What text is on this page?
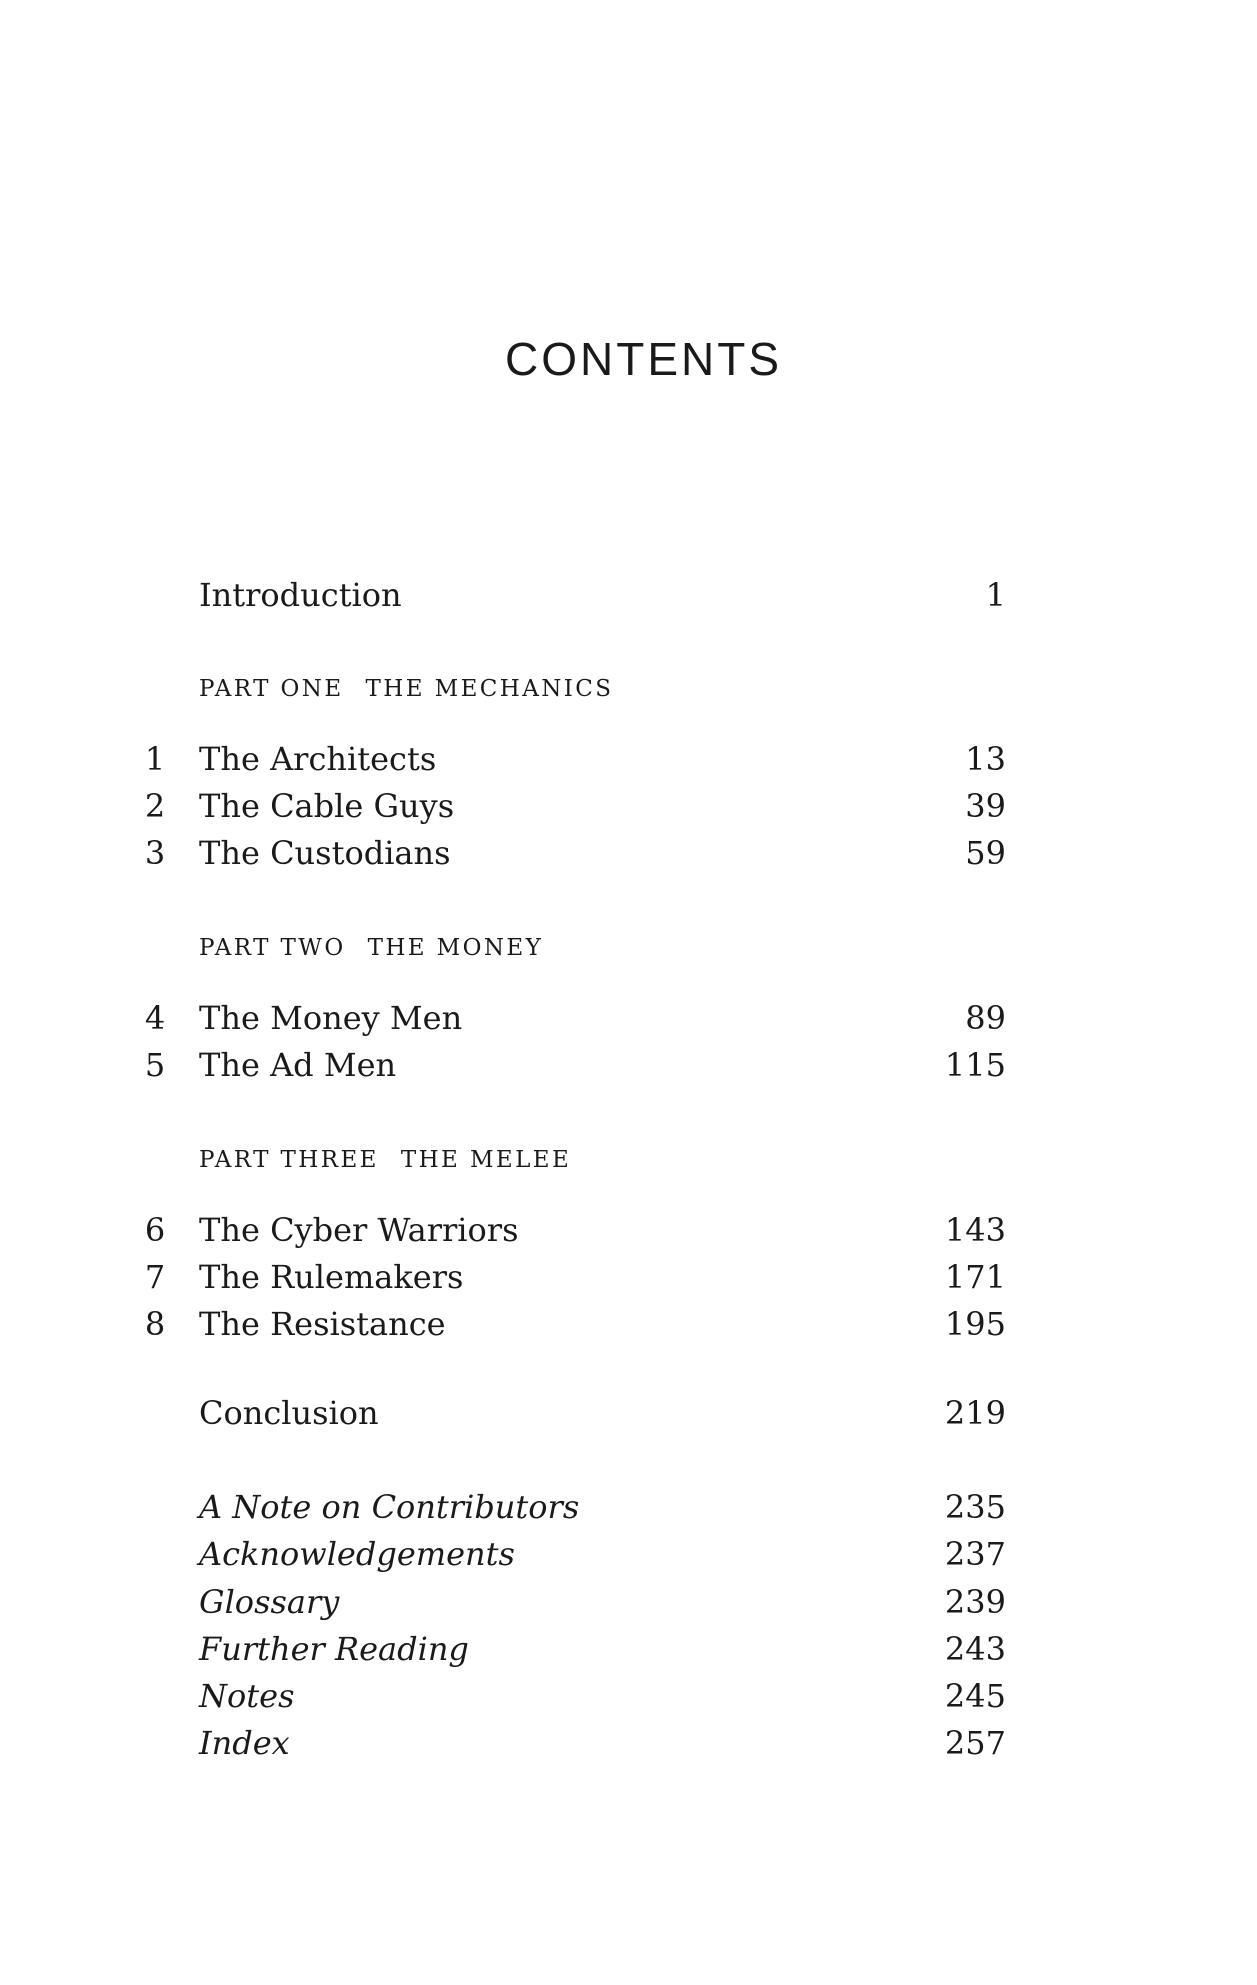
CONTENTS
Introduction	1
PART ONE THE MECHANICS
1	The Architects	13
2	The Cable Guys	39
3	The Custodians	59
PART TWO THE MONEY
4	The Money Men	89
5	The Ad Men	115
PART THREE THE MELEE
6	The Cyber Warriors	143
7	The Rulemakers	171
8	The Resistance	195
Conclusion	219
A Note on Contributors	235
Acknowledgements	237
Glossary	239
Further Reading	243
Notes	245
Index	257
